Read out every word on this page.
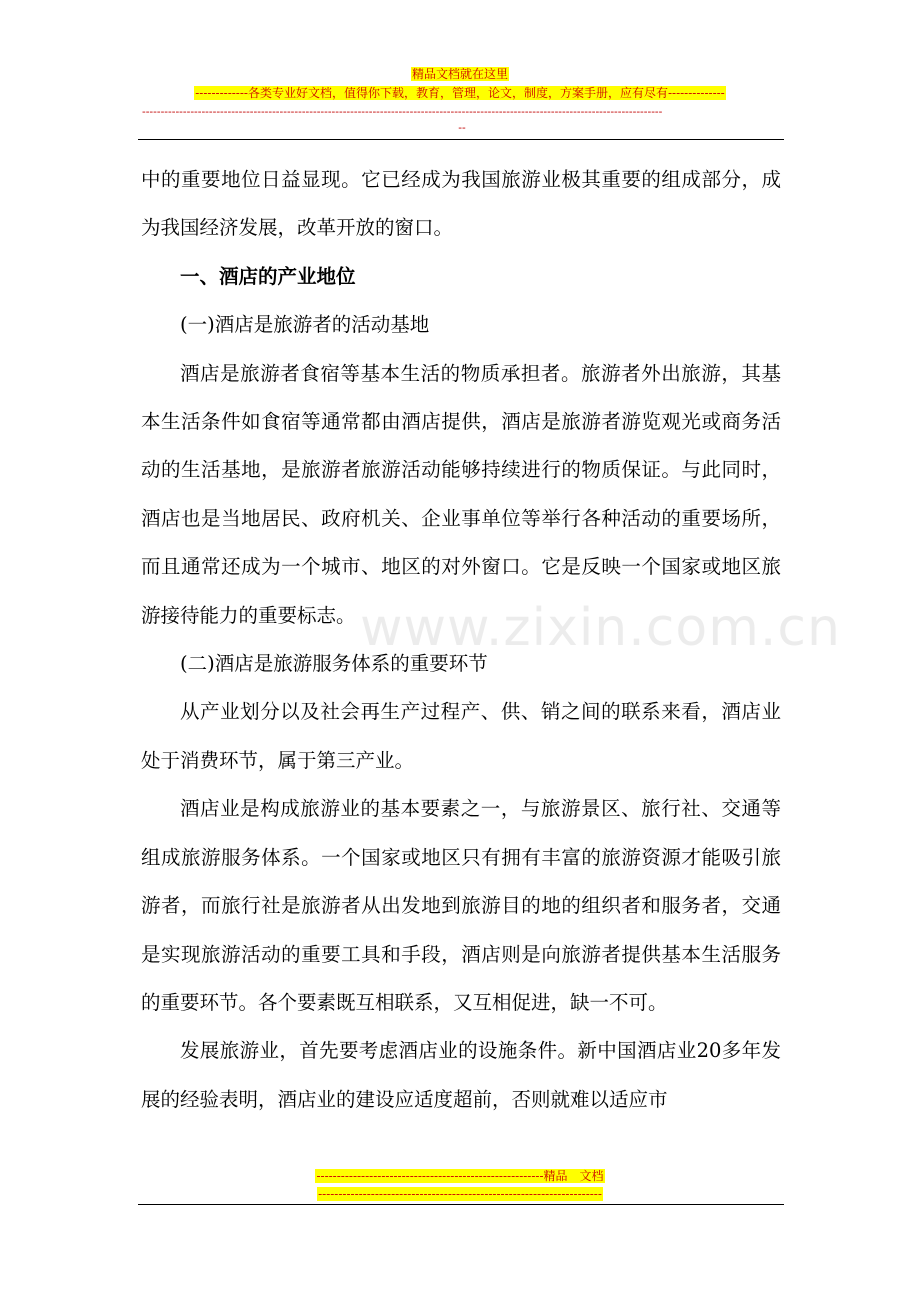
精品文档就在这里
-------------各类专业好文档，值得你下载，教育，管理，论文，制度，方案手册，应有尽有--------------
--------------------------------------------------------------------------------------------------------------------------------------------
--
www.zixin.com.cn

中的重要地位日益显现。它已经成为我国旅游业极其重要的组成部分，成为我国经济发展，改革开放的窗口。

一、酒店的产业地位

(一)酒店是旅游者的活动基地

酒店是旅游者食宿等基本生活的物质承担者。旅游者外出旅游，其基本生活条件如食宿等通常都由酒店提供，酒店是旅游者游览观光或商务活动的生活基地，是旅游者旅游活动能够持续进行的物质保证。与此同时，酒店也是当地居民、政府机关、企业事单位等举行各种活动的重要场所，而且通常还成为一个城市、地区的对外窗口。它是反映一个国家或地区旅游接待能力的重要标志。

(二)酒店是旅游服务体系的重要环节

从产业划分以及社会再生产过程产、供、销之间的联系来看，酒店业处于消费环节，属于第三产业。

酒店业是构成旅游业的基本要素之一，与旅游景区、旅行社、交通等组成旅游服务体系。一个国家或地区只有拥有丰富的旅游资源才能吸引旅游者，而旅行社是旅游者从出发地到旅游目的地的组织者和服务者，交通是实现旅游活动的重要工具和手段，酒店则是向旅游者提供基本生活服务的重要环节。各个要素既互相联系，又互相促进，缺一不可。

发展旅游业，首先要考虑酒店业的设施条件。新中国酒店业20多年发展的经验表明，酒店业的建设应适度超前，否则就难以适应市

--------------------------------------------------------精品　文档
----------------------------------------------------------------------
